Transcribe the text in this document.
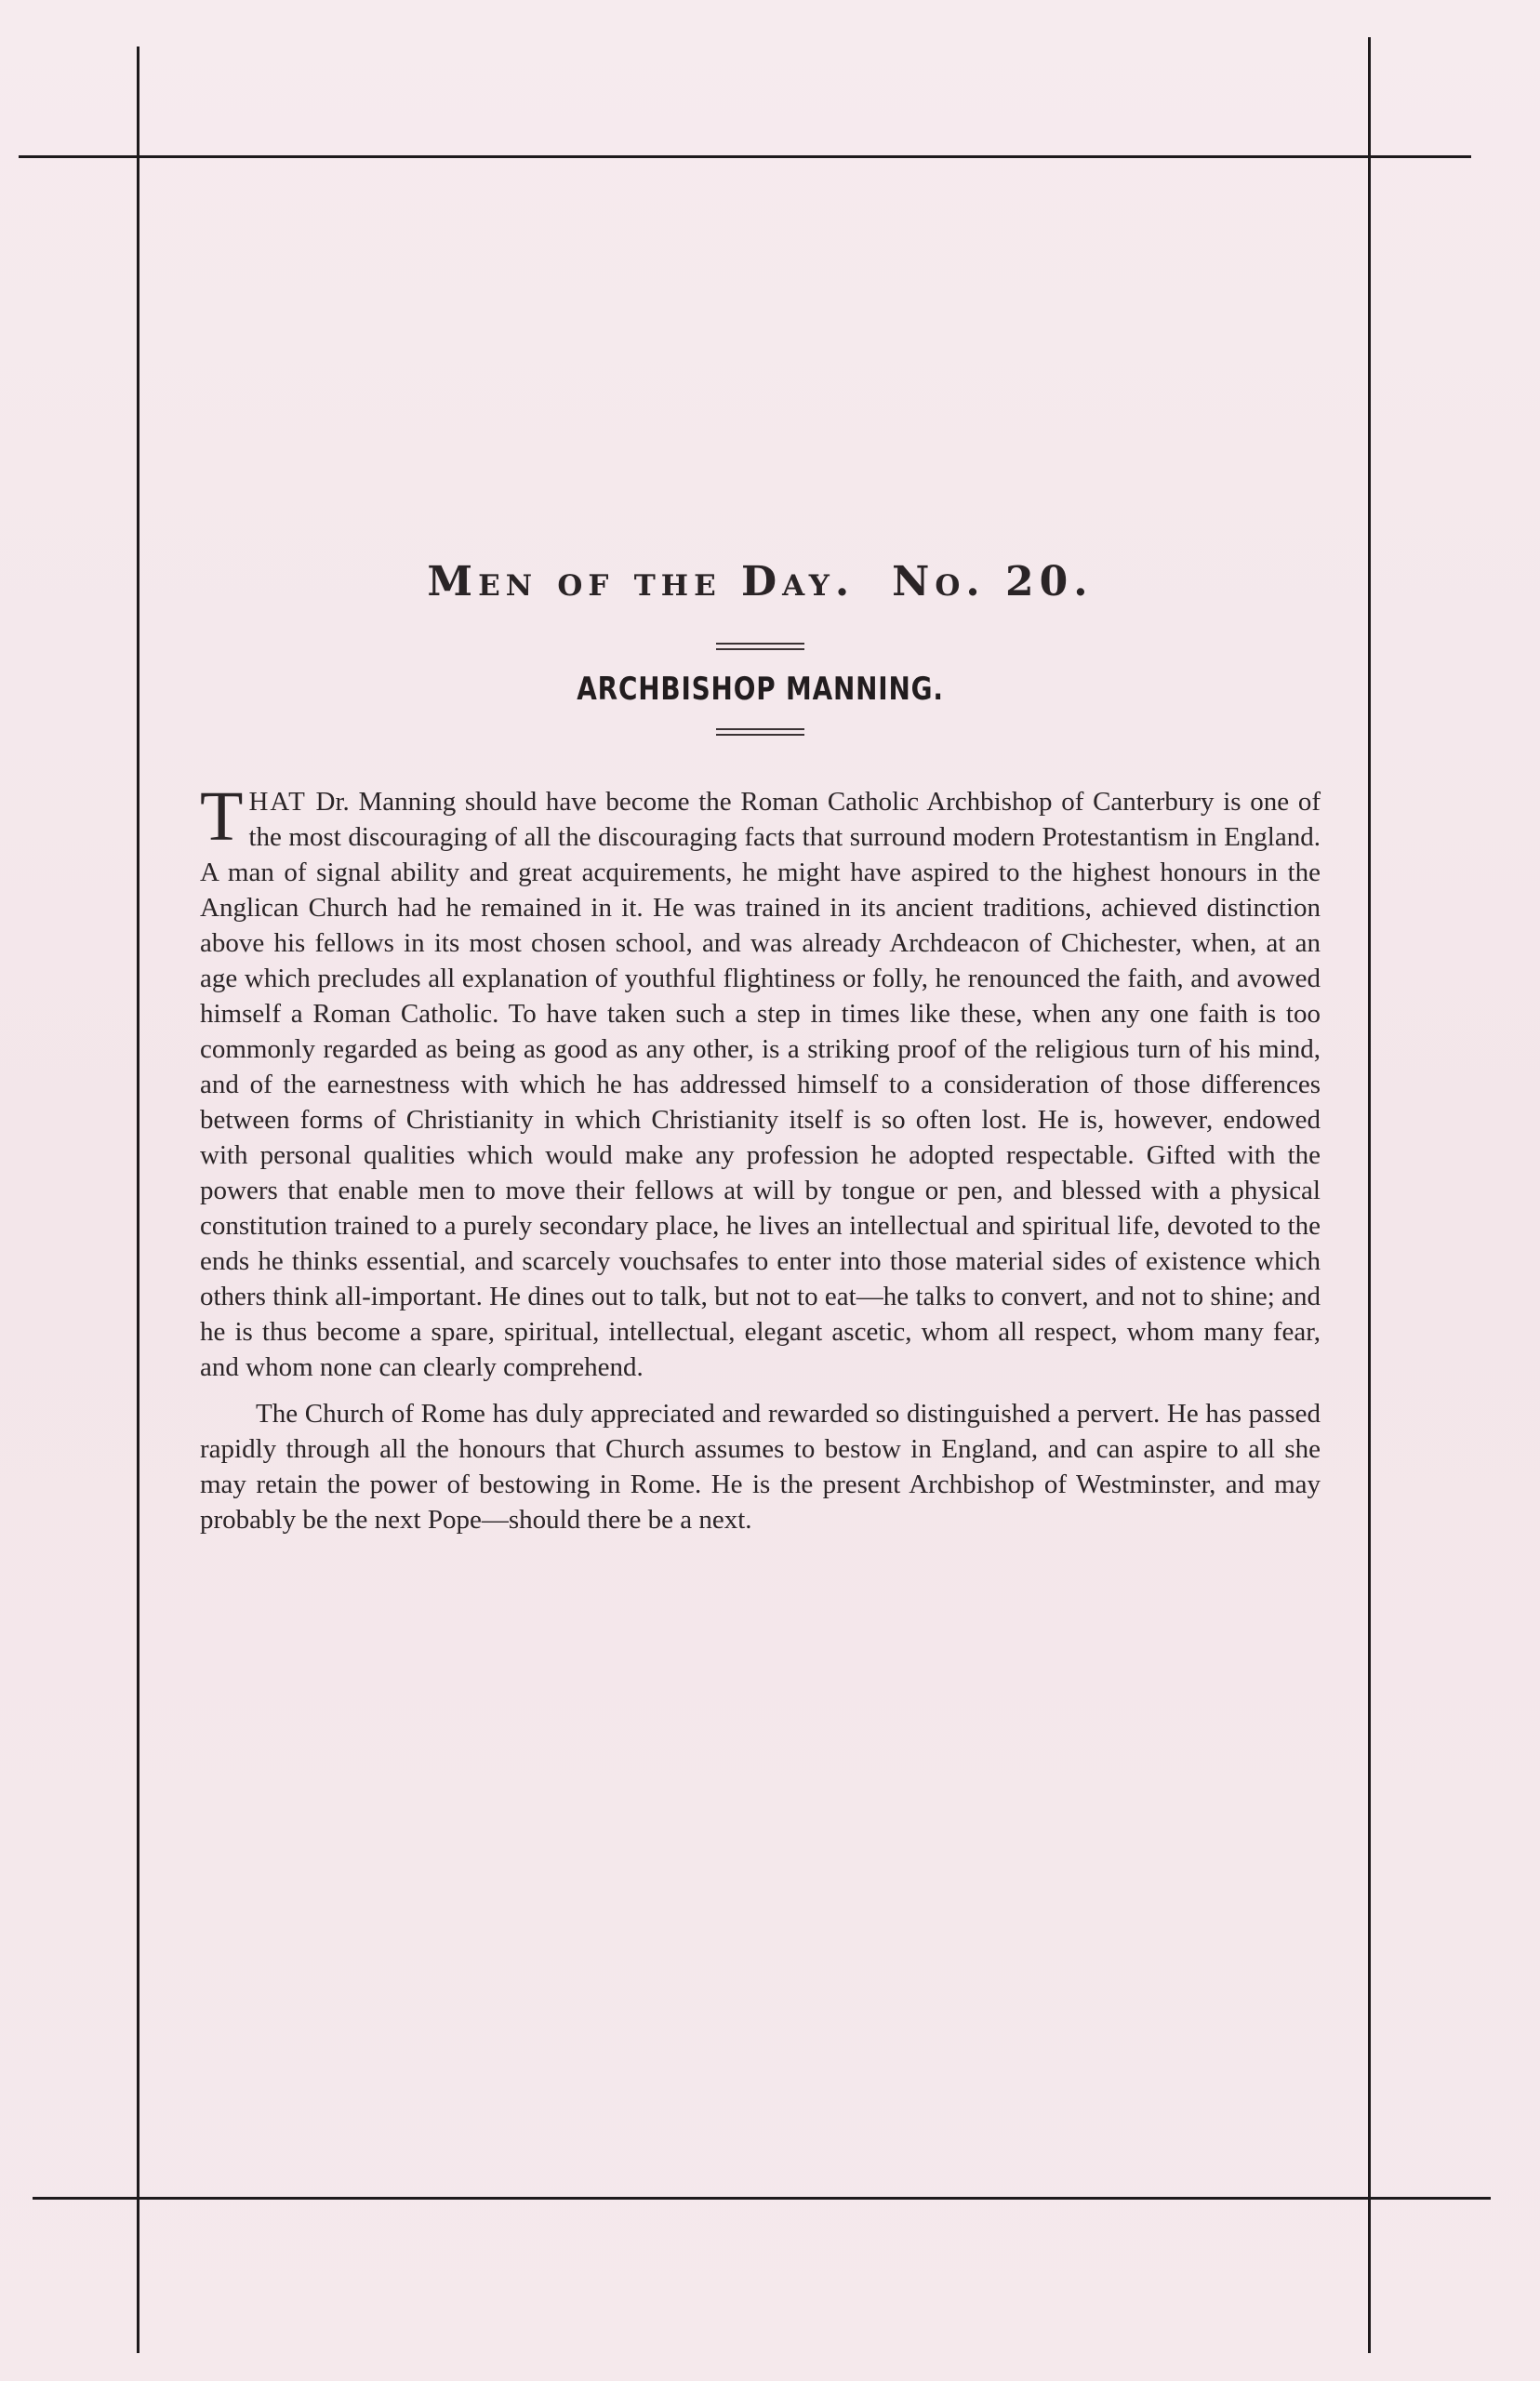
Men of the Day. No. 20.
ARCHBISHOP MANNING.

THAT Dr. Manning should have become the Roman Catholic Archbishop of Canterbury is one of the most discouraging of all the discouraging facts that surround modern Protestantism in England. A man of signal ability and great acquirements, he might have aspired to the highest honours in the Anglican Church had he remained in it. He was trained in its ancient traditions, achieved distinction above his fellows in its most chosen school, and was already Archdeacon of Chichester, when, at an age which precludes all explanation of youthful flightiness or folly, he renounced the faith, and avowed himself a Roman Catholic. To have taken such a step in times like these, when any one faith is too commonly regarded as being as good as any other, is a striking proof of the religious turn of his mind, and of the earnestness with which he has addressed himself to a consideration of those differences between forms of Christianity in which Christianity itself is so often lost. He is, however, endowed with personal qualities which would make any profession he adopted respectable. Gifted with the powers that enable men to move their fellows at will by tongue or pen, and blessed with a physical constitution trained to a purely secondary place, he lives an intellectual and spiritual life, devoted to the ends he thinks essential, and scarcely vouchsafes to enter into those material sides of existence which others think all-important. He dines out to talk, but not to eat—he talks to convert, and not to shine; and he is thus become a spare, spiritual, intellectual, elegant ascetic, whom all respect, whom many fear, and whom none can clearly comprehend.

The Church of Rome has duly appreciated and rewarded so distinguished a pervert. He has passed rapidly through all the honours that Church assumes to bestow in England, and can aspire to all she may retain the power of bestowing in Rome. He is the present Archbishop of Westminster, and may probably be the next Pope—should there be a next.
